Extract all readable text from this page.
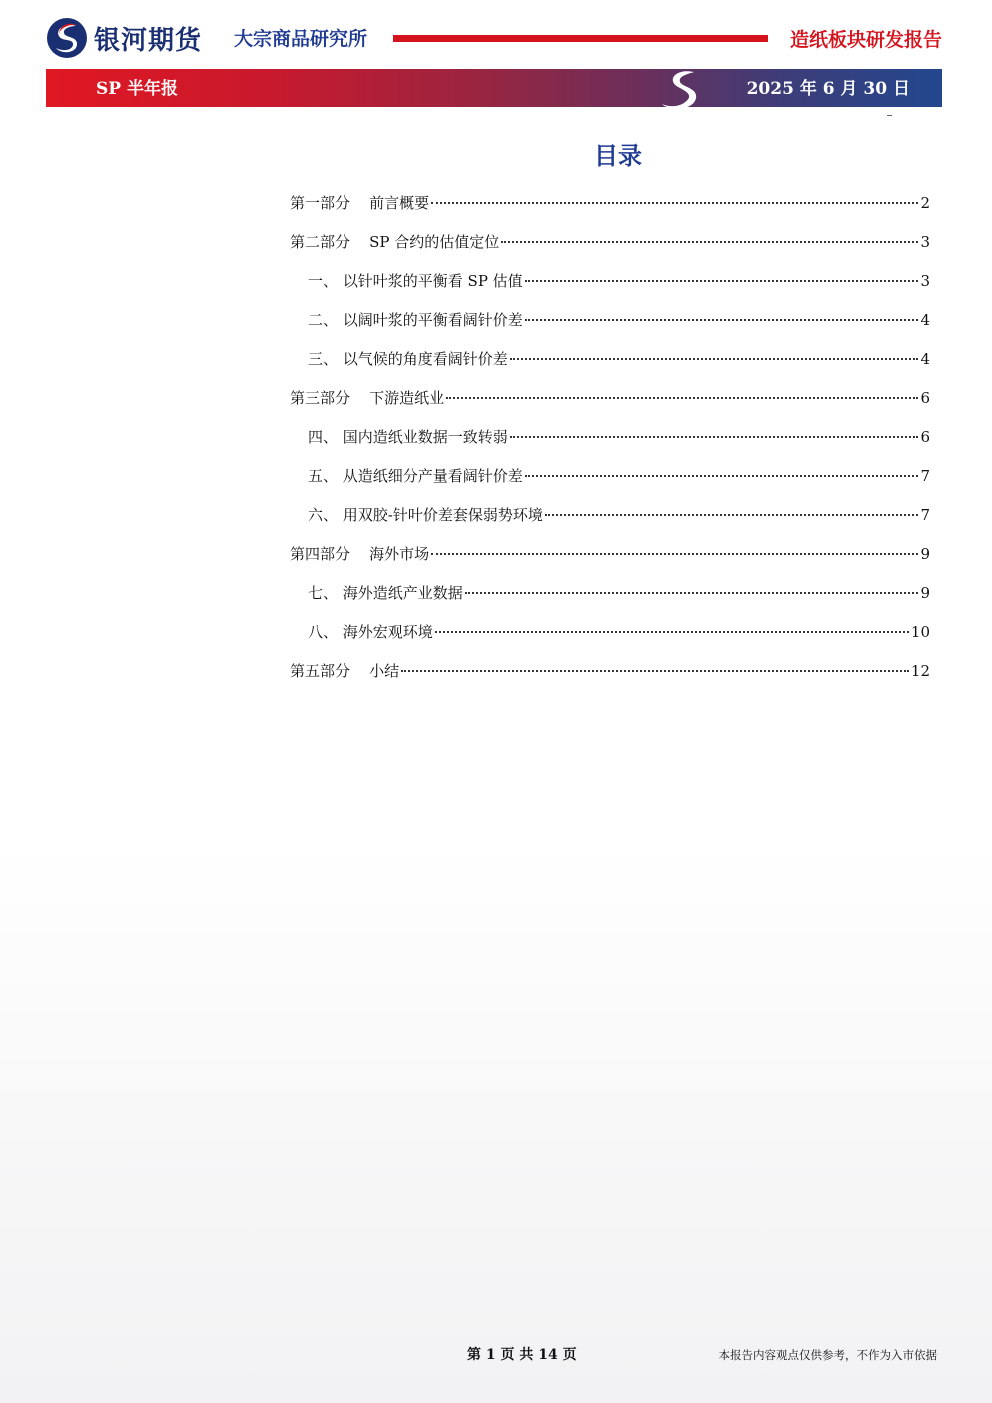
银河期货 大宗商品研究所	造纸板块研发报告
SP 半年报	2025 年 6 月 30 日
目录
第一部分    前言概要	2
第二部分    SP 合约的估值定位	3
一、 以针叶浆的平衡看 SP 估值	3
二、 以阔叶浆的平衡看阔针价差	4
三、 以气候的角度看阔针价差	4
第三部分    下游造纸业	6
四、 国内造纸业数据一致转弱	6
五、 从造纸细分产量看阔针价差	7
六、 用双胶-针叶价差套保弱势环境	7
第四部分    海外市场	9
七、 海外造纸产业数据	9
八、 海外宏观环境	10
第五部分    小结	12
第 1 页 共 14 页	本报告内容观点仅供参考，不作为入市依据
